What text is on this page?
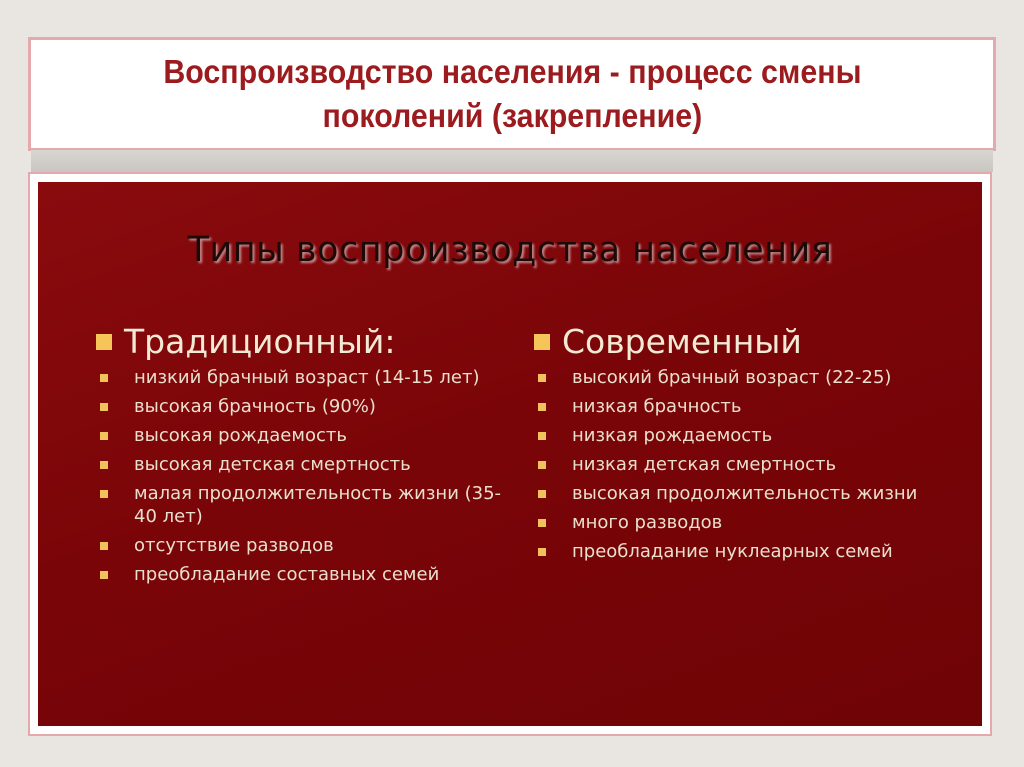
Воспроизводство населения - процесс смены
поколений (закрепление)
Типы воспроизводства населения
Традиционный:
низкий брачный возраст (14-15 лет)
высокая брачность (90%)
высокая рождаемость
высокая детская смертность
малая продолжительность жизни (35-40 лет)
отсутствие разводов
преобладание составных семей
Современный
высокий брачный возраст (22-25)
низкая брачность
низкая рождаемость
низкая детская смертность
высокая продолжительность жизни
много разводов
преобладание нуклеарных семей
